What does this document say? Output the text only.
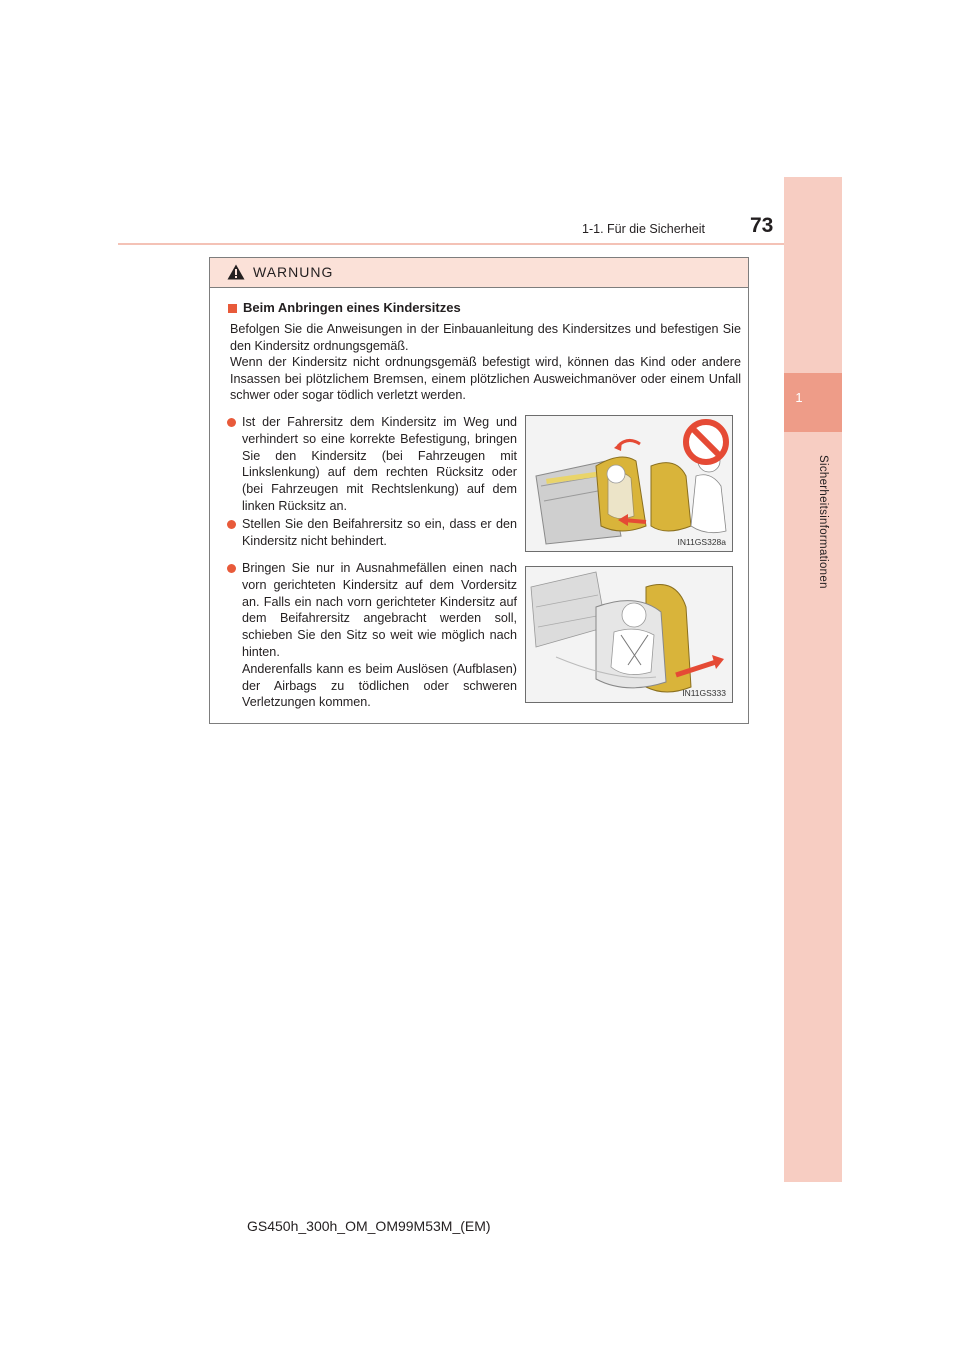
1-1. Für die Sicherheit 73
1
Sicherheitsinformationen
WARNUNG
Beim Anbringen eines Kindersitzes

Befolgen Sie die Anweisungen in der Einbauanleitung des Kindersitzes und befestigen Sie den Kindersitz ordnungsgemäß.

Wenn der Kindersitz nicht ordnungsgemäß befestigt wird, können das Kind oder andere Insassen bei plötzlichem Bremsen, einem plötzlichen Ausweichmanöver oder einem Unfall schwer oder sogar tödlich verletzt werden.

Ist der Fahrersitz dem Kindersitz im Weg und verhindert so eine korrekte Befestigung, bringen Sie den Kindersitz (bei Fahrzeugen mit Linkslenkung) auf dem rechten Rücksitz oder (bei Fahrzeugen mit Rechtslenkung) auf dem linken Rücksitz an.

Stellen Sie den Beifahrersitz so ein, dass er den Kindersitz nicht behindert.

Bringen Sie nur in Ausnahmefällen einen nach vorn gerichteten Kindersitz auf dem Vordersitz an. Falls ein nach vorn gerichteter Kindersitz auf dem Beifahrersitz angebracht werden soll, schieben Sie den Sitz so weit wie möglich nach hinten.

Anderenfalls kann es beim Auslösen (Aufblasen) der Airbags zu tödlichen oder schweren Verletzungen kommen.

IN11GS328a
IN11GS333
GS450h_300h_OM_OM99M53M_(EM)
